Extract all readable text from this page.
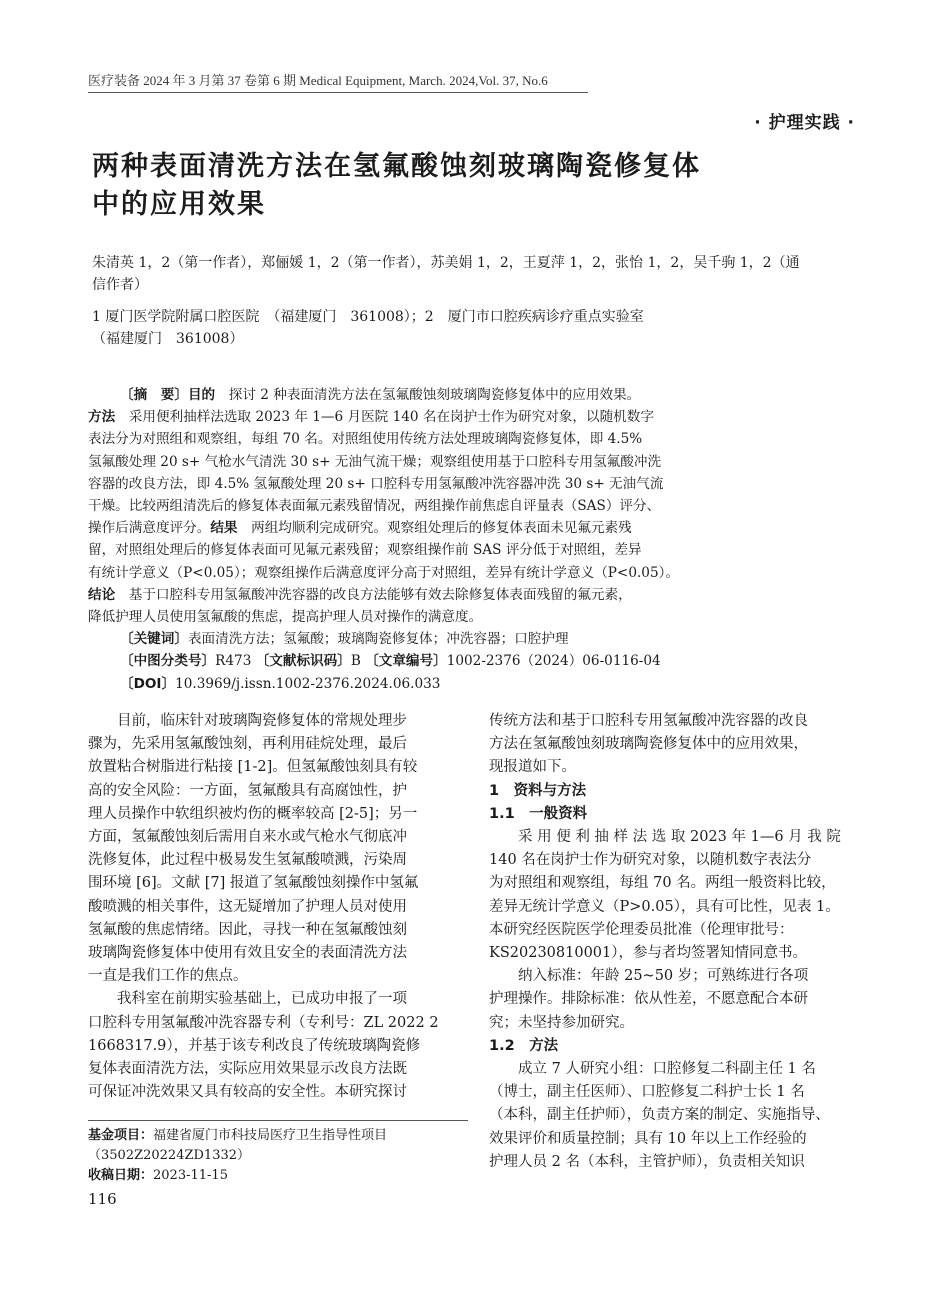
医疗装备 2024 年 3 月第 37 卷第 6 期 Medical Equipment, March. 2024,Vol. 37, No.6
· 护理实践 ·
两种表面清洗方法在氢氟酸蚀刻玻璃陶瓷修复体
中的应用效果
朱清英 1，2（第一作者），郑俪媛 1，2（第一作者），苏美娟 1，2，王夏萍 1，2，张怡 1，2，吴千驹 1，2（通
信作者）
1 厦门医学院附属口腔医院　（福建厦门　361008）；2　厦门市口腔疾病诊疗重点实验室
（福建厦门　361008）
〔摘　要〕目的　探讨 2 种表面清洗方法在氢氟酸蚀刻玻璃陶瓷修复体中的应用效果。
方法　采用便利抽样法选取 2023 年 1—6 月医院 140 名在岗护士作为研究对象，以随机数字
表法分为对照组和观察组，每组 70 名。对照组使用传统方法处理玻璃陶瓷修复体，即 4.5%
氢氟酸处理 20 s+ 气枪水气清洗 30 s+ 无油气流干燥；观察组使用基于口腔科专用氢氟酸冲洗
容器的改良方法，即 4.5% 氢氟酸处理 20 s+ 口腔科专用氢氟酸冲洗容器冲洗 30 s+ 无油气流
干燥。比较两组清洗后的修复体表面氟元素残留情况，两组操作前焦虑自评量表（SAS）评分、
操作后满意度评分。结果　两组均顺利完成研究。观察组处理后的修复体表面未见氟元素残
留，对照组处理后的修复体表面可见氟元素残留；观察组操作前 SAS 评分低于对照组，差异
有统计学意义（P<0.05）；观察组操作后满意度评分高于对照组，差异有统计学意义（P<0.05）。
结论　基于口腔科专用氢氟酸冲洗容器的改良方法能够有效去除修复体表面残留的氟元素，
降低护理人员使用氢氟酸的焦虑，提高护理人员对操作的满意度。
〔关键词〕表面清洗方法；氢氟酸；玻璃陶瓷修复体；冲洗容器；口腔护理
〔中图分类号〕R473 〔文献标识码〕B 〔文章编号〕1002-2376（2024）06-0116-04
〔DOI〕10.3969/j.issn.1002-2376.2024.06.033
　　目前，临床针对玻璃陶瓷修复体的常规处理步
骤为，先采用氢氟酸蚀刻，再利用硅烷处理，最后
放置粘合树脂进行粘接 [1-2]。但氢氟酸蚀刻具有较
高的安全风险：一方面，氢氟酸具有高腐蚀性，护
理人员操作中软组织被灼伤的概率较高 [2-5]；另一
方面，氢氟酸蚀刻后需用自来水或气枪水气彻底冲
洗修复体，此过程中极易发生氢氟酸喷溅，污染周
围环境 [6]。文献 [7] 报道了氢氟酸蚀刻操作中氢氟
酸喷溅的相关事件，这无疑增加了护理人员对使用
氢氟酸的焦虑情绪。因此，寻找一种在氢氟酸蚀刻
玻璃陶瓷修复体中使用有效且安全的表面清洗方法
一直是我们工作的焦点。
　　我科室在前期实验基础上，已成功申报了一项
口腔科专用氢氟酸冲洗容器专利（专利号：ZL 2022 2
1668317.9），并基于该专利改良了传统玻璃陶瓷修
复体表面清洗方法，实际应用效果显示改良方法既
可保证冲洗效果又具有较高的安全性。本研究探讨
基金项目：福建省厦门市科技局医疗卫生指导性项目
（3502Z20224ZD1332）
收稿日期：2023-11-15
116
传统方法和基于口腔科专用氢氟酸冲洗容器的改良
方法在氢氟酸蚀刻玻璃陶瓷修复体中的应用效果，
现报道如下。
1　资料与方法
1.1　一般资料
　　采 用 便 利 抽 样 法 选 取 2023 年 1—6 月 我 院
140 名在岗护士作为研究对象，以随机数字表法分
为对照组和观察组，每组 70 名。两组一般资料比较，
差异无统计学意义（P>0.05），具有可比性，见表 1。
本研究经医院医学伦理委员批准（伦理审批号：
KS20230810001），参与者均签署知情同意书。
　　纳入标准：年龄 25~50 岁；可熟练进行各项
护理操作。排除标准：依从性差，不愿意配合本研
究；未坚持参加研究。
1.2　方法
　　成立 7 人研究小组：口腔修复二科副主任 1 名
（博士，副主任医师）、口腔修复二科护士长 1 名
（本科，副主任护师），负责方案的制定、实施指导、
效果评价和质量控制；具有 10 年以上工作经验的
护理人员 2 名（本科，主管护师），负责相关知识
